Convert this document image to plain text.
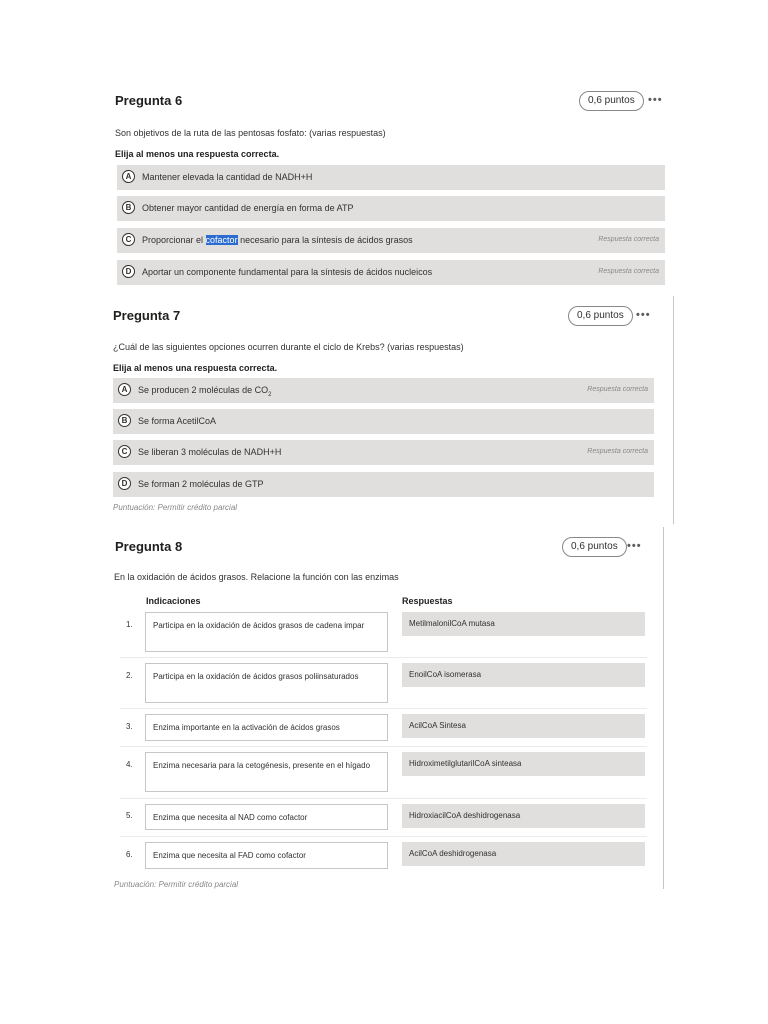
Pregunta 6	0,6 puntos	•••
Son objetivos de la ruta de las pentosas fosfato: (varias respuestas)
Elija al menos una respuesta correcta.
A	Mantener elevada la cantidad de NADH+H
B	Obtener mayor cantidad de energía en forma de ATP
C	Proporcionar el cofactor necesario para la síntesis de ácidos grasos	Respuesta correcta
D	Aportar un componente fundamental para la síntesis de ácidos nucleicos	Respuesta correcta
Pregunta 7	0,6 puntos	•••
¿Cuál de las siguientes opciones ocurren durante el ciclo de Krebs? (varias respuestas)
Elija al menos una respuesta correcta.
A	Se producen 2 moléculas de $CO_2$
Respuesta correcta
B	Se forma AcetilCoA
C	Se liberan 3 moléculas de NADH+H	Respuesta correcta
D	Se forman 2 moléculas de GTP
Puntuación: Permitir crédito parcial
Pregunta 8	0,6 puntos •••
En la oxidación de ácidos grasos. Relacione la función con las enzimas
Indicaciones	Respuestas
1.	Participa en la oxidación de ácidos grasos de cadena impar	MetilmalonilCoA mutasa
2.	Participa en la oxidación de ácidos grasos poliinsaturados	EnoilCoA isomerasa
3.	Enzima importante en la activación de ácidos grasos	AcilCoA Sintesa
4.	Enzima necesaria para la cetogénesis, presente en el hígado	HidroximetilglutarilCoA sinteasa
5.	Enzima que necesita al NAD como cofactor	HidroxiacilCoA deshidrogenasa
6.	Enzima que necesita al FAD como cofactor	AcilCoA deshidrogenasa
Puntuación: Permitir crédito parcial
